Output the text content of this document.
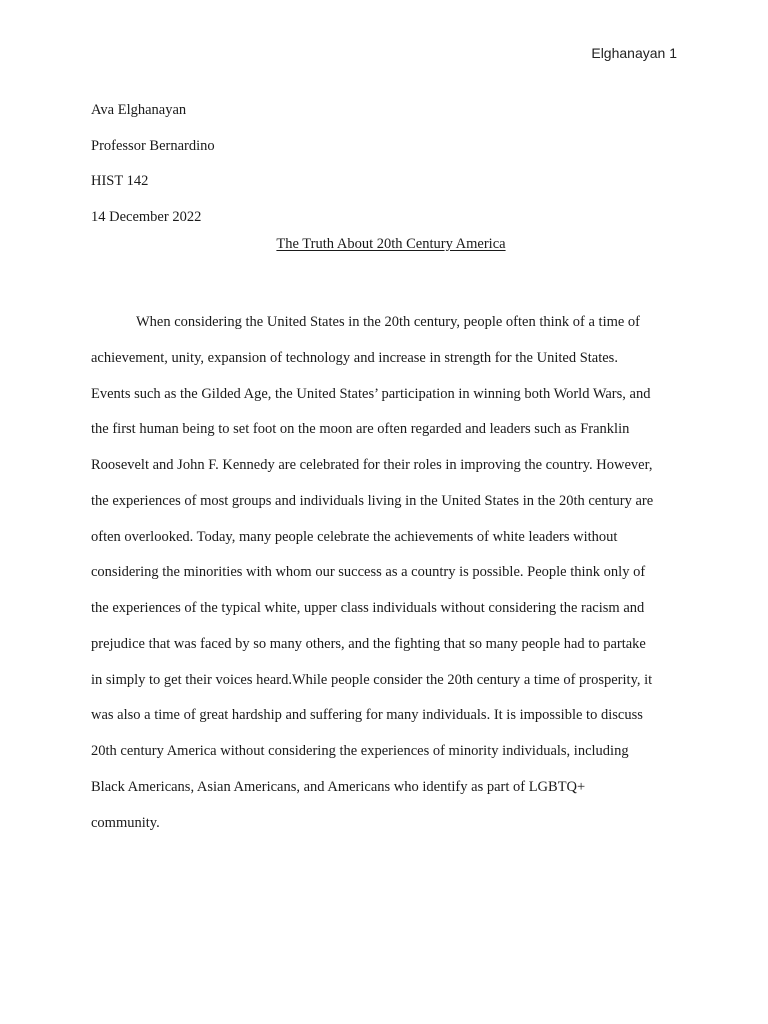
Elghanayan 1
Ava Elghanayan
Professor Bernardino
HIST 142
14 December 2022
The Truth About 20th Century America
When considering the United States in the 20th century, people often think of a time of
achievement, unity, expansion of technology and increase in strength for the United States.
Events such as the Gilded Age, the United States’ participation in winning both World Wars, and
the first human being to set foot on the moon are often regarded and leaders such as Franklin
Roosevelt and John F. Kennedy are celebrated for their roles in improving the country. However,
the experiences of most groups and individuals living in the United States in the 20th century are
often overlooked. Today, many people celebrate the achievements of white leaders without
considering the minorities with whom our success as a country is possible. People think only of
the experiences of the typical white, upper class individuals without considering the racism and
prejudice that was faced by so many others, and the fighting that so many people had to partake
in simply to get their voices heard.While people consider the 20th century a time of prosperity, it
was also a time of great hardship and suffering for many individuals. It is impossible to discuss
20th century America without considering the experiences of minority individuals, including
Black Americans, Asian Americans, and Americans who identify as part of LGBTQ+
community.
